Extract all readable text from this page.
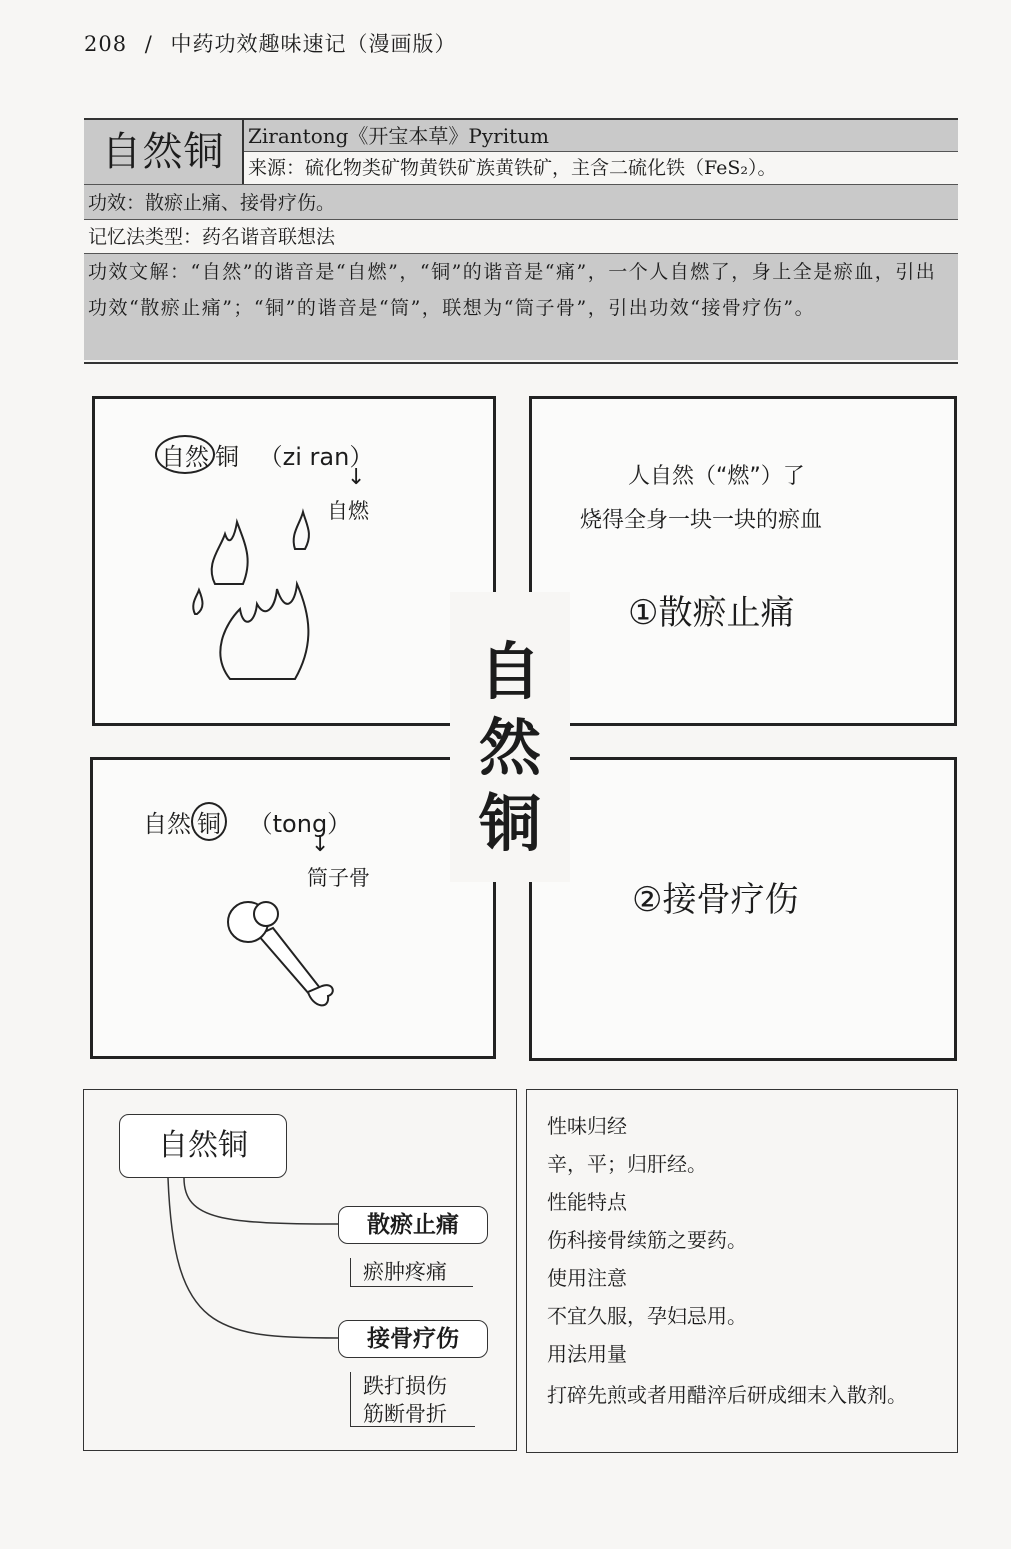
208 / 中药功效趣味速记（漫画版）
自然铜	Zirantong《开宝本草》Pyritum
来源：硫化物类矿物黄铁矿族黄铁矿，主含二硫化铁（FeS₂）。
功效：散瘀止痛、接骨疗伤。
记忆法类型：药名谐音联想法
功效文解：“自然”的谐音是“自燃”，“铜”的谐音是“痛”，一个人自燃了，身上全是瘀血，引出功效“散瘀止痛”；“铜”的谐音是“筒”，联想为“筒子骨”，引出功效“接骨疗伤”。
自然 铜 （zi ran）
↓
自燃
人自然（“燃”）了
烧得全身一块一块的瘀血
①散瘀止痛
自然 铜 （tong）
↓
筒子骨
②接骨疗伤
自
然
铜
自然铜
散瘀止痛
瘀肿疼痛
接骨疗伤
跌打损伤
筋断骨折
性味归经
辛，平；归肝经。
性能特点
伤科接骨续筋之要药。
使用注意
不宜久服，孕妇忌用。
用法用量
打碎先煎或者用醋淬后研成细末入散剂。
